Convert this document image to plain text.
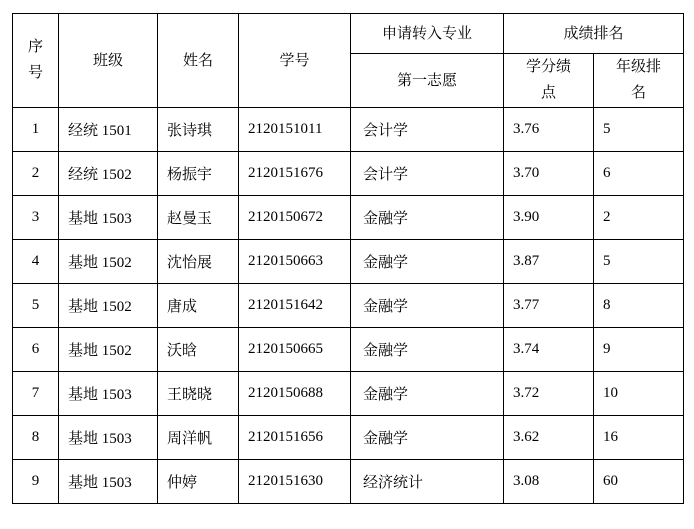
序号	班级	姓名	学号	申请转入专业	成绩排名	
				第一志愿	学分绩点	年级排名
1	经统 1501	张诗琪	2120151011	会计学	3.76	5
2	经统 1502	杨振宇	2120151676	会计学	3.70	6
3	基地 1503	赵曼玉	2120150672	金融学	3.90	2
4	基地 1502	沈怡展	2120150663	金融学	3.87	5
5	基地 1502	唐成	2120151642	金融学	3.77	8
6	基地 1502	沃晗	2120150665	金融学	3.74	9
7	基地 1503	王晓晓	2120150688	金融学	3.72	10
8	基地 1503	周洋帆	2120151656	金融学	3.62	16
9	基地 1503	仲婷	2120151630	经济统计	3.08	60
